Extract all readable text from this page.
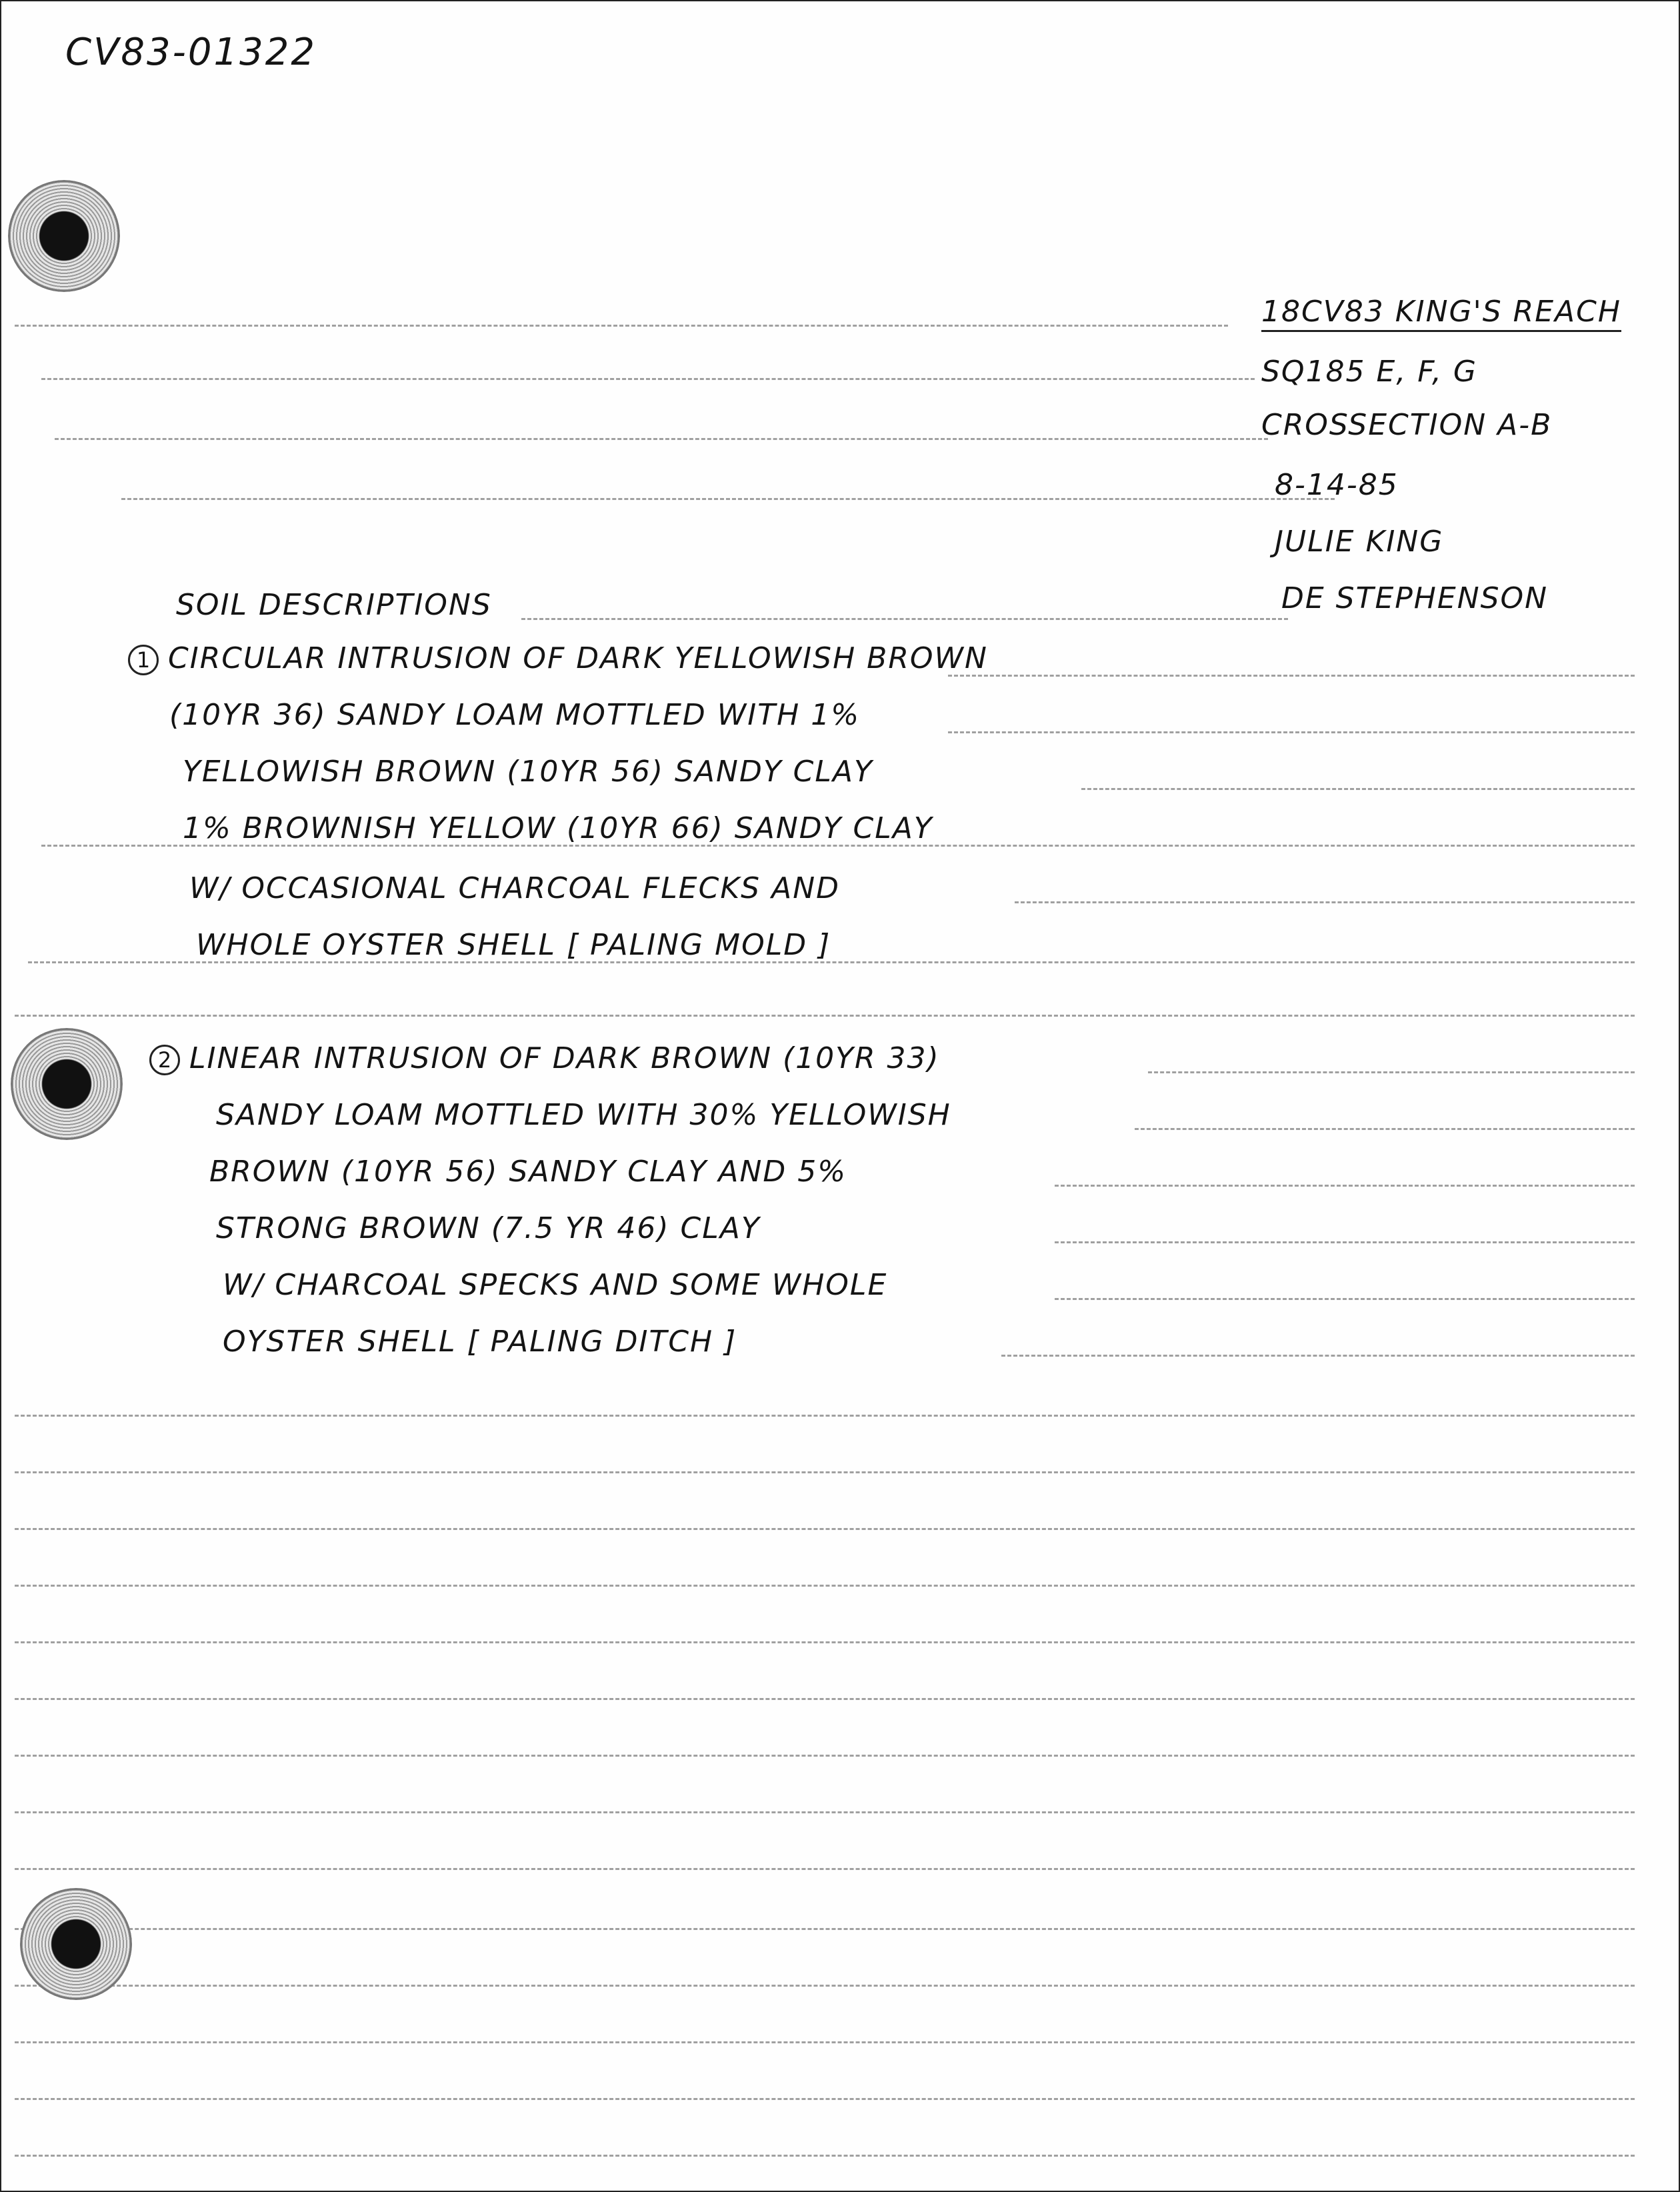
CV83-01322
18CV83 KING'S REACH
SQ185 E, F, G
CROSSECTION A-B
8-14-85
JULIE KING
DE STEPHENSON
SOIL DESCRIPTIONS
1 CIRCULAR INTRUSION OF DARK YELLOWISH BROWN
(10YR 36) SANDY LOAM MOTTLED WITH 1%
YELLOWISH BROWN (10YR 56) SANDY CLAY
1% BROWNISH YELLOW (10YR 66) SANDY CLAY
W/ OCCASIONAL CHARCOAL FLECKS AND
WHOLE OYSTER SHELL [ PALING MOLD ]
2 LINEAR INTRUSION OF DARK BROWN (10YR 33)
SANDY LOAM MOTTLED WITH 30% YELLOWISH
BROWN (10YR 56) SANDY CLAY AND 5%
STRONG BROWN (7.5 YR 46) CLAY
W/ CHARCOAL SPECKS AND SOME WHOLE
OYSTER SHELL [ PALING DITCH ]
